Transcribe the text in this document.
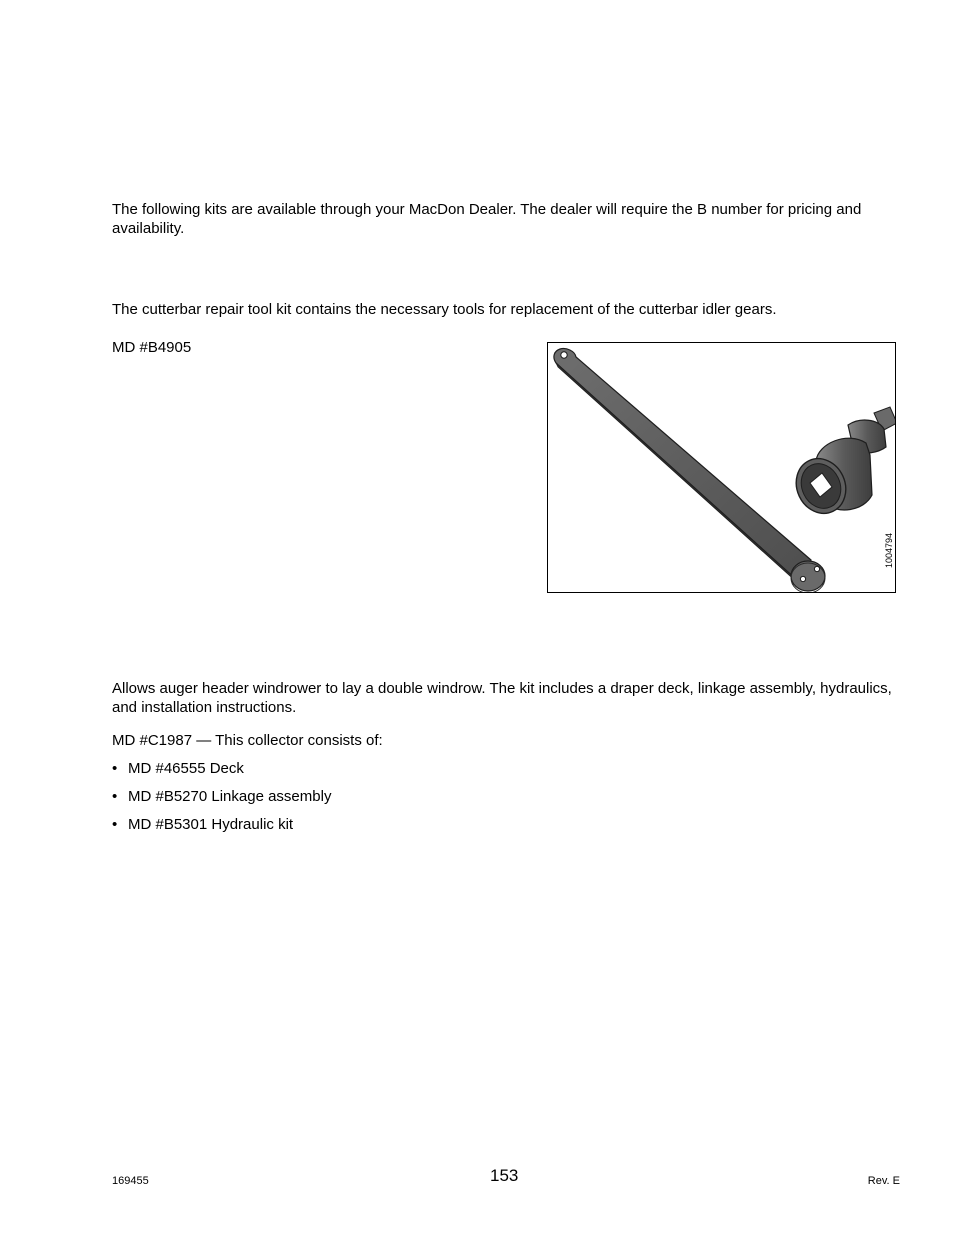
The following kits are available through your MacDon Dealer. The dealer will require the B number for pricing and availability.

The cutterbar repair tool kit contains the necessary tools for replacement of the cutterbar idler gears.

MD #B4905

1004794

Allows auger header windrower to lay a double windrow. The kit includes a draper deck, linkage assembly, hydraulics, and installation instructions.

MD #C1987 — This collector consists of:

• MD #46555 Deck
• MD #B5270 Linkage assembly
• MD #B5301 Hydraulic kit
169455	153	Rev. E
